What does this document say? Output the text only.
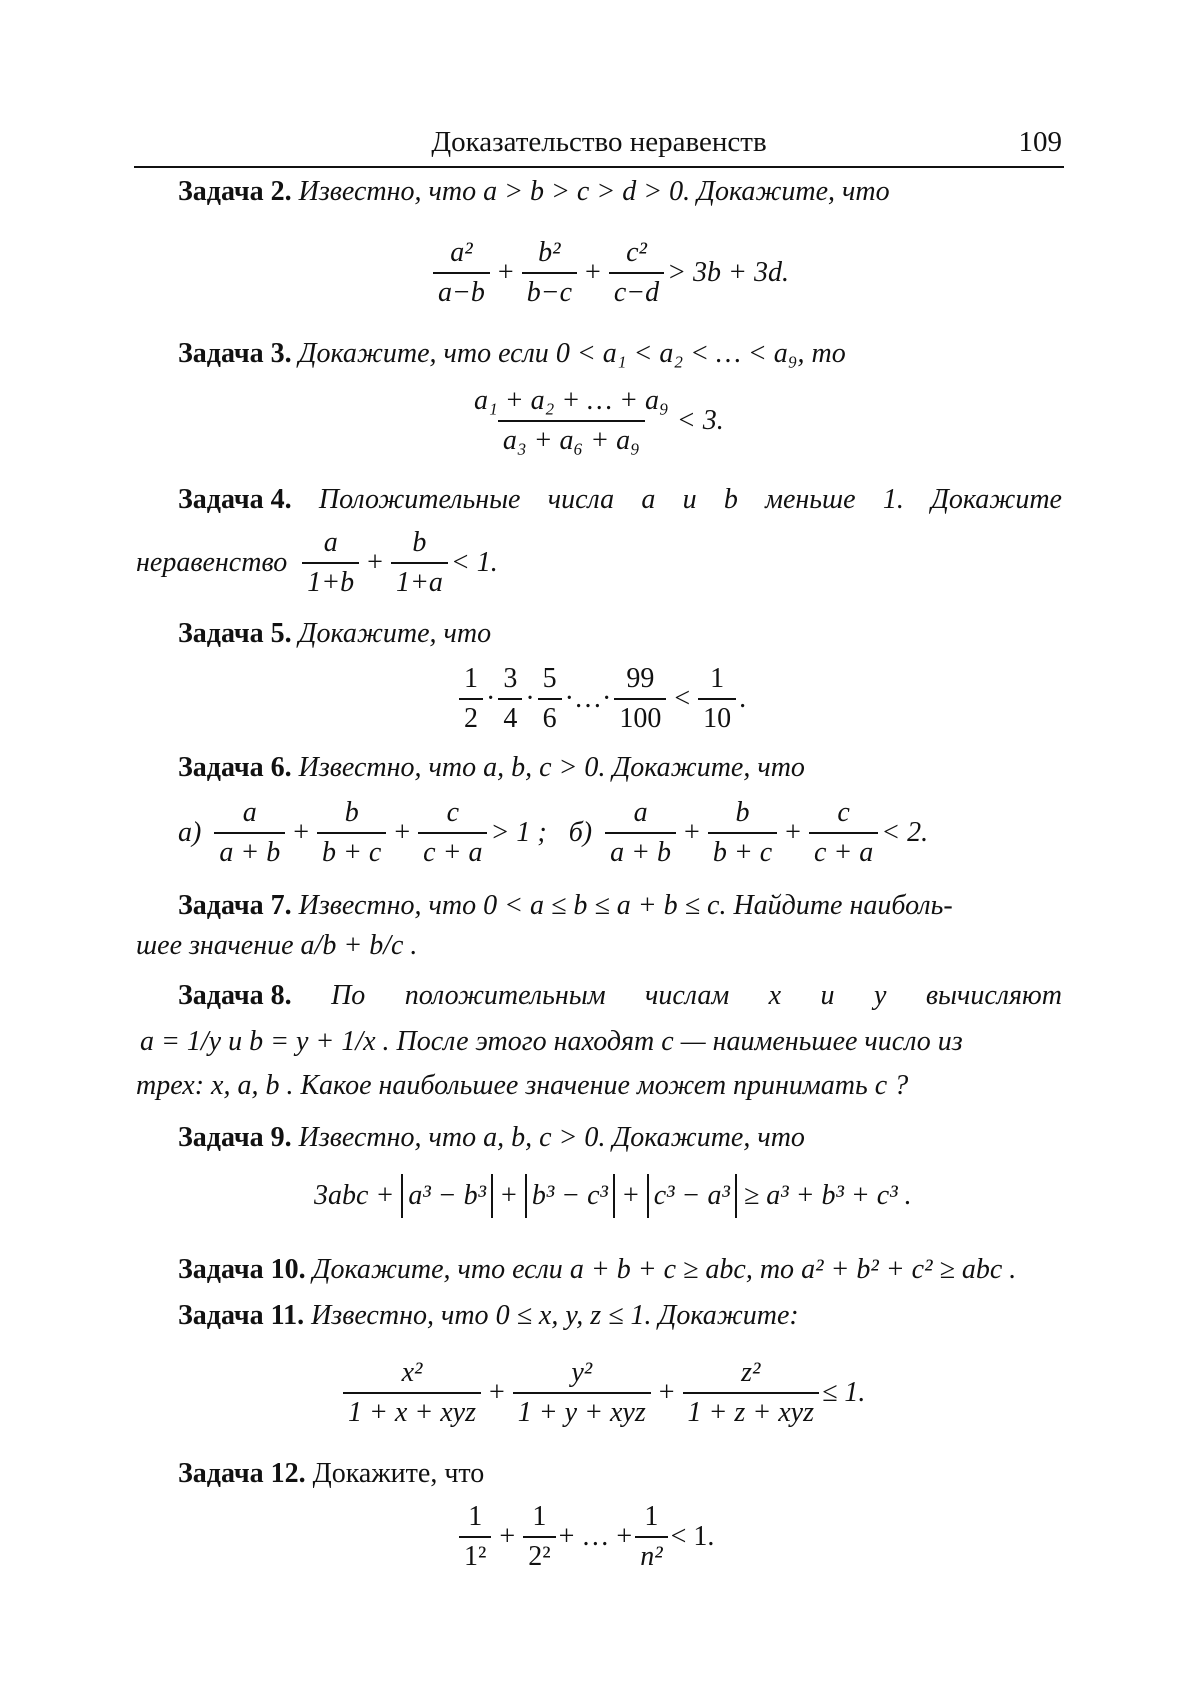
Доказательство неравенств	109
Задача 2. Известно, что a > b > c > d > 0. Докажите, что
$\frac{\text{a²}}{a-b} + \frac{\text{b²}}{b-c} + \frac{\text{c²}}{c-d} > 3b + 3d$.
Задача 3. Докажите, что если 0 < a₁ < a₂ < … < a₉, то
$\frac{\text{a₁ + a₂ + … + a₉}}{\text{a₃ + a₆ + a₉}} < 3$.
Задача 4. Положительные числа a и b меньше 1. Докажите
неравенство $\frac{a}{1+b} + \frac{b}{1+a} < 1$.
Задача 5. Докажите, что
$\frac{1}{2} \cdot \frac{3}{4} \cdot \frac{5}{6}$ ·…· $\frac{99}{100} < \frac{1}{10}$ .
Задача 6. Известно, что a, b, c > 0. Докажите, что
$а) \frac{a}{a + b} + \frac{b}{b + c} + \frac{c}{c + a} > 1$ ; $б) \frac{a}{a + b} + \frac{b}{b + c} + \frac{c}{c + a} < 2$.
Задача 7. Известно, что 0 < a ≤ b ≤ a + b ≤ c. Найдите наиболь-
шее значение a/b + b/c .
Задача 8. По положительным числам x и y вычисляют
a = 1/y и b = y + 1/x . После этого находят c — наименьшее число из
трех: x, a, b . Какое наибольшее значение может принимать c ?
Задача 9. Известно, что a, b, c > 0. Докажите, что
3abc + a³ − b³ + b³ − c³ + c³ − a³ ≥ a³ + b³ + c³ .
Задача 10. Докажите, что если a + b + c ≥ abc, то a² + b² + c² ≥ abc .
Задача 11. Известно, что 0 ≤ x, y, z ≤ 1. Докажите:
$\frac{\text{x²}}{\text{1 + x + xyz}} + \frac{\text{y²}}{\text{1 + y + xyz}} + \frac{\text{z²}}{\text{1 + z + xyz}} \le 1$.
Задача 12. Докажите, что
$\frac{1}{\text{1²}} + \frac{1}{\text{2²}}$ + … + $\frac{1}{\text{n²}} < 1$.
